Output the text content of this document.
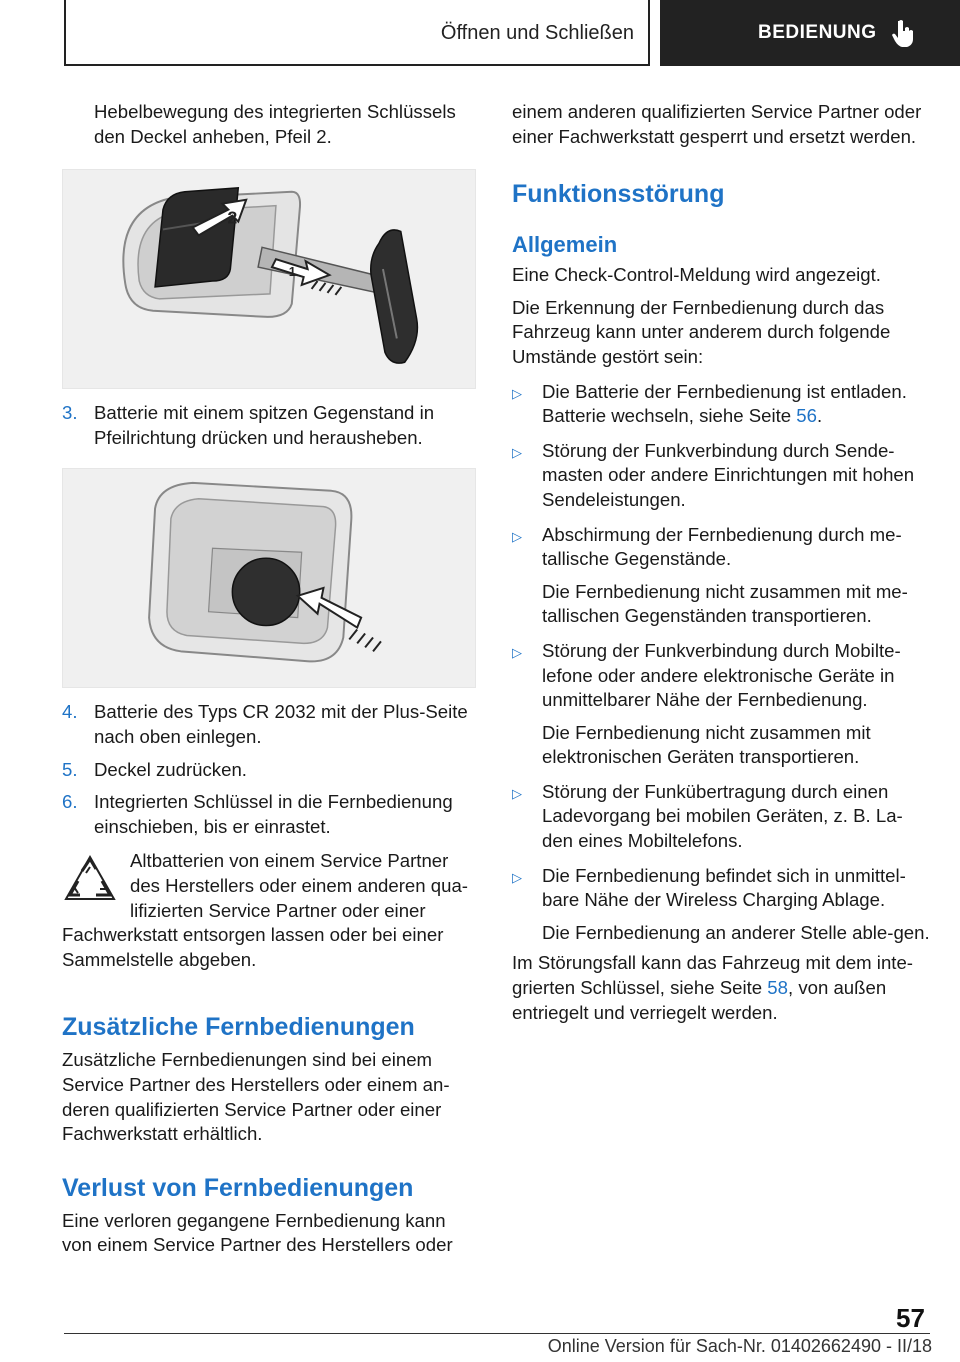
Öffnen und Schließen	BEDIENUNG

Hebelbewegung des integrierten Schlüssels den Deckel anheben, Pfeil 2.

2
1
3. Batterie mit einem spitzen Gegenstand in Pfeilrichtung drücken und herausheben.
4. Batterie des Typs CR 2032 mit der Plus-Seite nach oben einlegen.
5. Deckel zudrücken.
6. Integrierten Schlüssel in die Fernbedienung einschieben, bis er einrastet.

Altbatterien von einem Service Partner des Herstellers oder einem anderen qua-lifizierten Service Partner oder einer
Fachwerkstatt entsorgen lassen oder bei einer Sammelstelle abgeben.

Zusätzliche Fernbedienungen

Zusätzliche Fernbedienungen sind bei einem Service Partner des Herstellers oder einem an-deren qualifizierten Service Partner oder einer Fachwerkstatt erhältlich.

Verlust von Fernbedienungen

Eine verloren gegangene Fernbedienung kann von einem Service Partner des Herstellers oder

einem anderen qualifizierten Service Partner oder einer Fachwerkstatt gesperrt und ersetzt werden.

Funktionsstörung
Allgemein

Eine Check-Control-Meldung wird angezeigt.

Die Erkennung der Fernbedienung durch das Fahrzeug kann unter anderem durch folgende Umstände gestört sein:

▷	Die Batterie der Fernbedienung ist entladen. Batterie wechseln, siehe Seite 56.
▷	Störung der Funkverbindung durch Sende-masten oder andere Einrichtungen mit hohen Sendeleistungen.
▷	Abschirmung der Fernbedienung durch me-tallische Gegenstände.

Die Fernbedienung nicht zusammen mit me-tallischen Gegenständen transportieren.

▷	Störung der Funkverbindung durch Mobilte-lefone oder andere elektronische Geräte in unmittelbarer Nähe der Fernbedienung.

Die Fernbedienung nicht zusammen mit elektronischen Geräten transportieren.

▷	Störung der Funkübertragung durch einen Ladevorgang bei mobilen Geräten, z. B. La-den eines Mobiltelefons.
▷	Die Fernbedienung befindet sich in unmittel-bare Nähe der Wireless Charging Ablage.

Die Fernbedienung an anderer Stelle able-gen.

Im Störungsfall kann das Fahrzeug mit dem inte-grierten Schlüssel, siehe Seite 58, von außen entriegelt und verriegelt werden.

57
Online Version für Sach-Nr. 01402662490 - II/18
